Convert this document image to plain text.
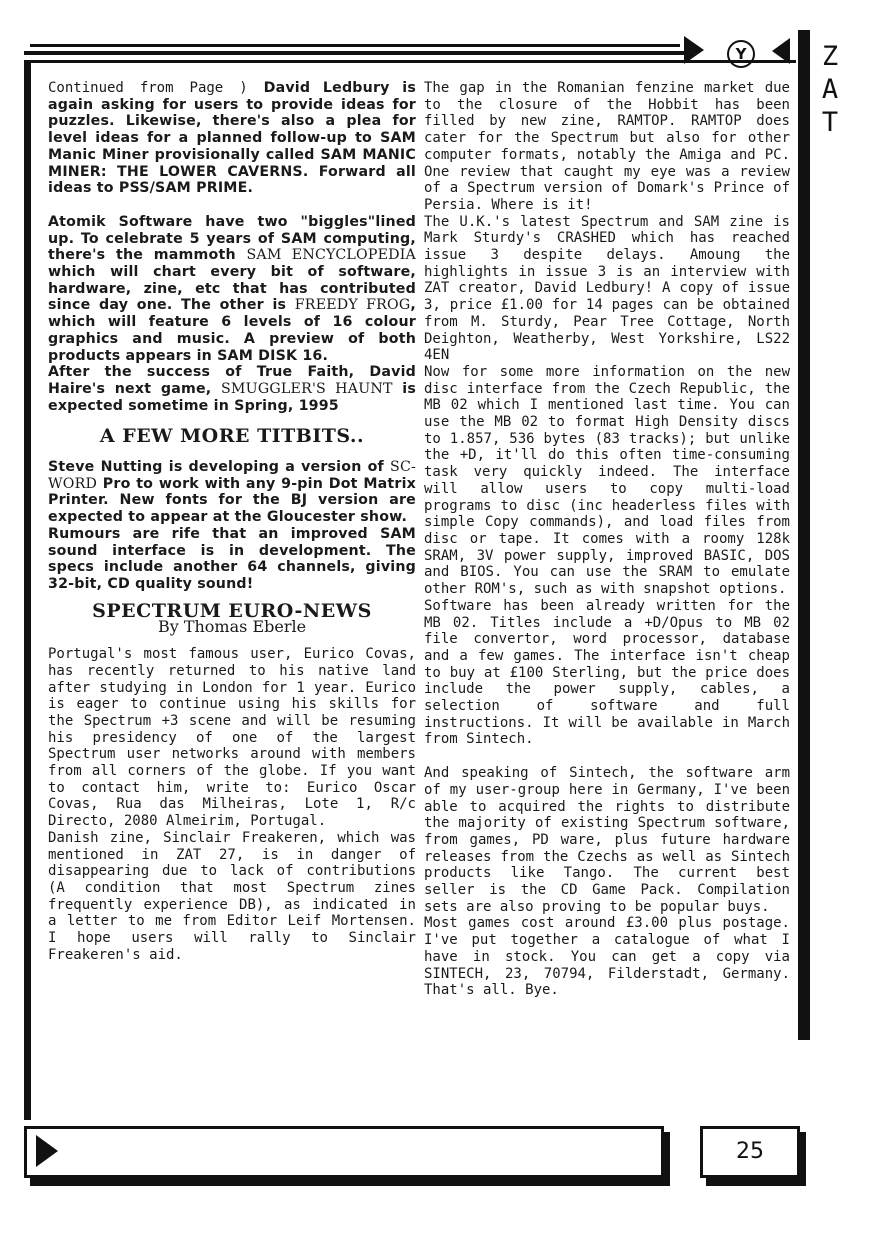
Y	Z
A
T

Continued from Page ) David Ledbury is again asking for users to provide ideas for puzzles. Likewise, there's also a plea for level ideas for a planned follow-up to SAM Manic Miner provisionally called SAM MANIC MINER: THE LOWER CAVERNS. Forward all ideas to PSS/SAM PRIME.

Atomik Software have two "biggles"lined up. To celebrate 5 years of SAM computing, there's the mammoth SAM ENCYCLOPEDIA which will chart every bit of software, hardware, zine, etc that has contributed since day one. The other is FREEDY FROG, which will feature 6 levels of 16 colour graphics and music. A preview of both products appears in SAM DISK 16.

After the success of True Faith, David Haire's next game, SMUGGLER'S HAUNT is expected sometime in Spring, 1995

A FEW MORE TITBITS..

Steve Nutting is developing a version of SC-WORD Pro to work with any 9-pin Dot Matrix Printer. New fonts for the BJ version are expected to appear at the Gloucester show.

Rumours are rife that an improved SAM sound interface is in development. The specs include another 64 channels, giving 32-bit, CD quality sound!

SPECTRUM EURO-NEWS
By Thomas Eberle

Portugal's most famous user, Eurico Covas, has recently returned to his native land after studying in London for 1 year. Eurico is eager to continue using his skills for the Spectrum +3 scene and will be resuming his presidency of one of the largest Spectrum user networks around with members from all corners of the globe. If you want to contact him, write to: Eurico Oscar Covas, Rua das Milheiras, Lote 1, R/c Directo, 2080 Almeirim, Portugal.

Danish zine, Sinclair Freakeren, which was mentioned in ZAT 27, is in danger of disappearing due to lack of contributions (A condition that most Spectrum zines frequently experience DB), as indicated in a letter to me from Editor Leif Mortensen. I hope users will rally to Sinclair Freakeren's aid.

The gap in the Romanian fenzine market due to the closure of the Hobbit has been filled by new zine, RAMTOP. RAMTOP does cater for the Spectrum but also for other computer formats, notably the Amiga and PC. One review that caught my eye was a review of a Spectrum version of Domark's Prince of Persia. Where is it!

The U.K.'s latest Spectrum and SAM zine is Mark Sturdy's CRASHED which has reached issue 3 despite delays. Amoung the highlights in issue 3 is an interview with ZAT creator, David Ledbury! A copy of issue 3, price £1.00 for 14 pages can be obtained from M. Sturdy, Pear Tree Cottage, North Deighton, Weatherby, West Yorkshire, LS22 4EN

Now for some more information on the new disc interface from the Czech Republic, the MB 02 which I mentioned last time. You can use the MB 02 to format High Density discs to 1.857, 536 bytes (83 tracks); but unlike the +D, it'll do this often time-consuming task very quickly indeed. The interface will allow users to copy multi-load programs to disc (inc headerless files with simple Copy commands), and load files from disc or tape. It comes with a roomy 128k SRAM, 3V power supply, improved BASIC, DOS and BIOS. You can use the SRAM to emulate other ROM's, such as with snapshot options.

Software has been already written for the MB 02. Titles include a +D/Opus to MB 02 file convertor, word processor, database and a few games. The interface isn't cheap to buy at £100 Sterling, but the price does include the power supply, cables, a selection of software and full instructions. It will be available in March from Sintech.

And speaking of Sintech, the software arm of my user-group here in Germany, I've been able to acquired the rights to distribute the majority of existing Spectrum software, from games, PD ware, plus future hardware releases from the Czechs as well as Sintech products like Tango. The current best seller is the CD Game Pack. Compilation sets are also proving to be popular buys.

Most games cost around £3.00 plus postage. I've put together a catalogue of what I have in stock. You can get a copy via SINTECH, 23, 70794, Filderstadt, Germany. That's all. Bye.

25
